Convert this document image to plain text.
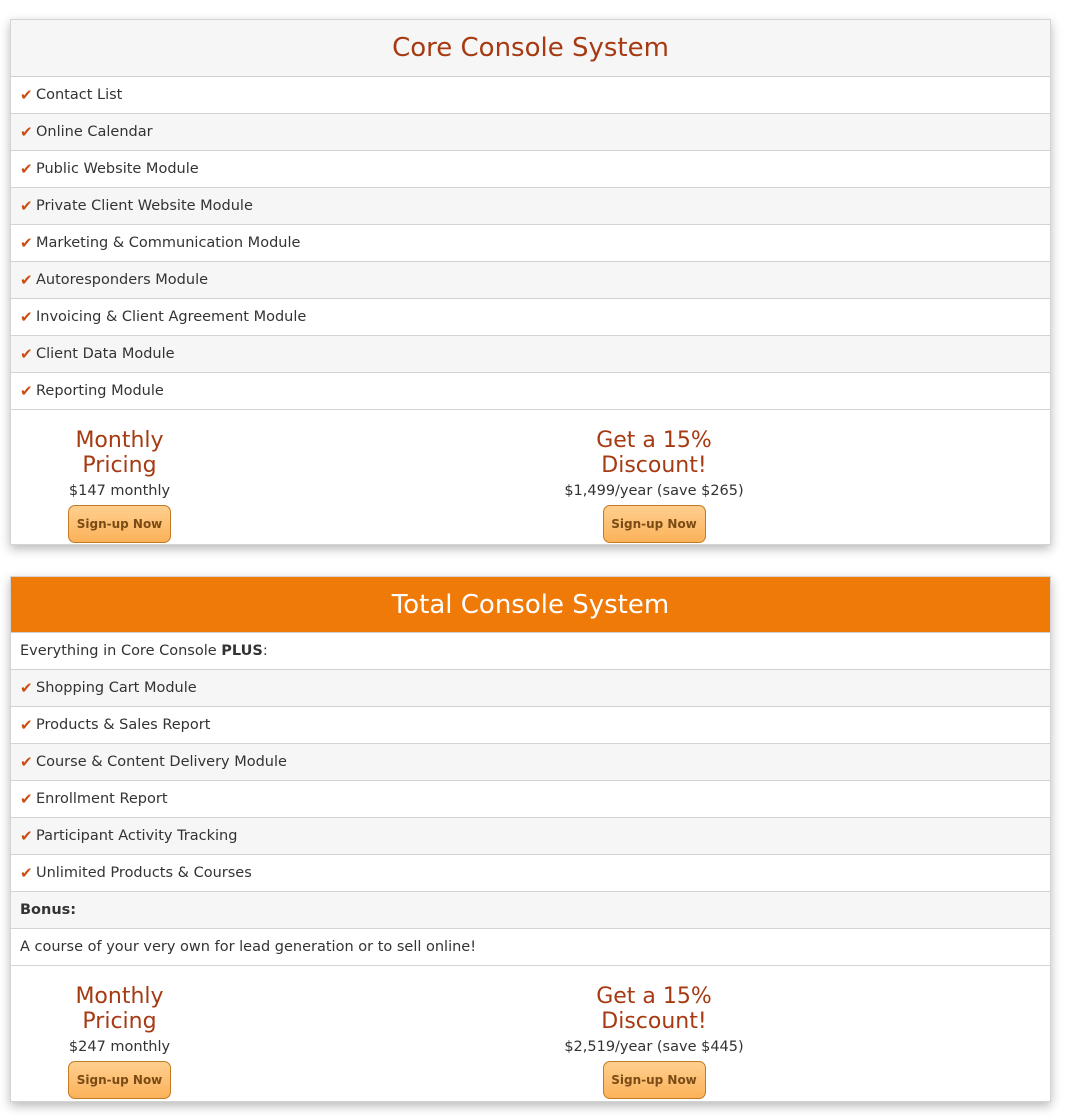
Core Console System
✔ Contact List
✔ Online Calendar
✔ Public Website Module
✔ Private Client Website Module
✔ Marketing & Communication Module
✔ Autoresponders Module
✔ Invoicing & Client Agreement Module
✔ Client Data Module
✔ Reporting Module
Monthly Pricing
$147 monthly
Sign-up Now
Get a 15% Discount!
$1,499/year (save $265)
Sign-up Now
Total Console System
Everything in Core Console PLUS :
✔ Shopping Cart Module
✔ Products & Sales Report
✔ Course & Content Delivery Module
✔ Enrollment Report
✔ Participant Activity Tracking
✔ Unlimited Products & Courses
Bonus:
A course of your very own for lead generation or to sell online!
Monthly Pricing
$247 monthly
Sign-up Now
Get a 15% Discount!
$2,519/year (save $445)
Sign-up Now
